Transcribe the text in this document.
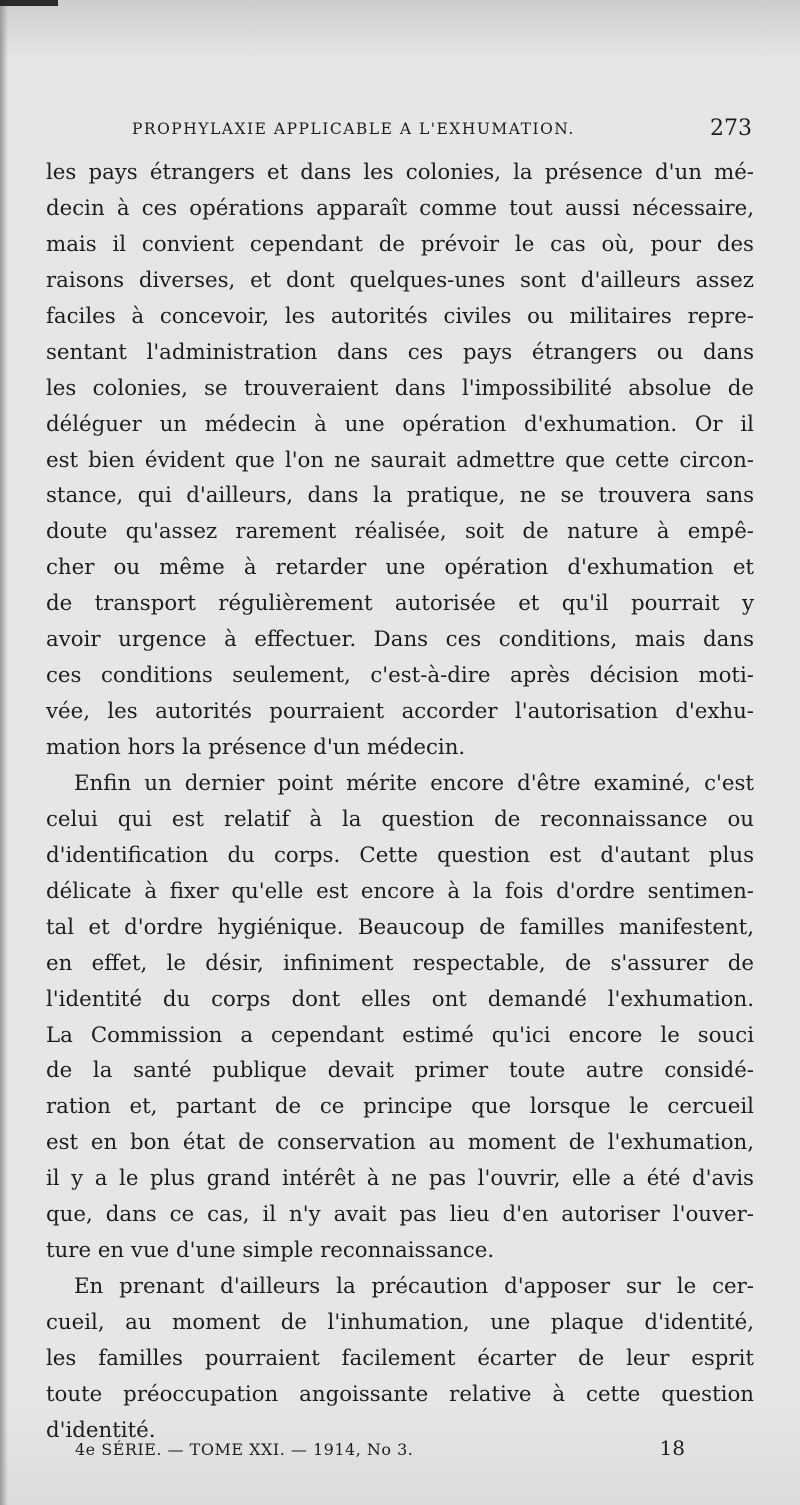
PROPHYLAXIE APPLICABLE A L'EXHUMATION.	273
les pays étrangers et dans les colonies, la présence d'un mé-
decin à ces opérations apparaît comme tout aussi nécessaire,
mais il convient cependant de prévoir le cas où, pour des
raisons diverses, et dont quelques-unes sont d'ailleurs assez
faciles à concevoir, les autorités civiles ou militaires repre-
sentant l'administration dans ces pays étrangers ou dans
les colonies, se trouveraient dans l'impossibilité absolue de
déléguer un médecin à une opération d'exhumation. Or il
est bien évident que l'on ne saurait admettre que cette circon-
stance, qui d'ailleurs, dans la pratique, ne se trouvera sans
doute qu'assez rarement réalisée, soit de nature à empê-
cher ou même à retarder une opération d'exhumation et
de transport régulièrement autorisée et qu'il pourrait y
avoir urgence à effectuer. Dans ces conditions, mais dans
ces conditions seulement, c'est-à-dire après décision moti-
vée, les autorités pourraient accorder l'autorisation d'exhu-
mation hors la présence d'un médecin.
Enfin un dernier point mérite encore d'être examiné, c'est
celui qui est relatif à la question de reconnaissance ou
d'identification du corps. Cette question est d'autant plus
délicate à fixer qu'elle est encore à la fois d'ordre sentimen-
tal et d'ordre hygiénique. Beaucoup de familles manifestent,
en effet, le désir, infiniment respectable, de s'assurer de
l'identité du corps dont elles ont demandé l'exhumation.
La Commission a cependant estimé qu'ici encore le souci
de la santé publique devait primer toute autre considé-
ration et, partant de ce principe que lorsque le cercueil
est en bon état de conservation au moment de l'exhumation,
il y a le plus grand intérêt à ne pas l'ouvrir, elle a été d'avis
que, dans ce cas, il n'y avait pas lieu d'en autoriser l'ouver-
ture en vue d'une simple reconnaissance.
En prenant d'ailleurs la précaution d'apposer sur le cer-
cueil, au moment de l'inhumation, une plaque d'identité,
les familles pourraient facilement écarter de leur esprit
toute préoccupation angoissante relative à cette question
d'identité.
4e SÉRIE. — TOME XXI. — 1914, No 3.	18
